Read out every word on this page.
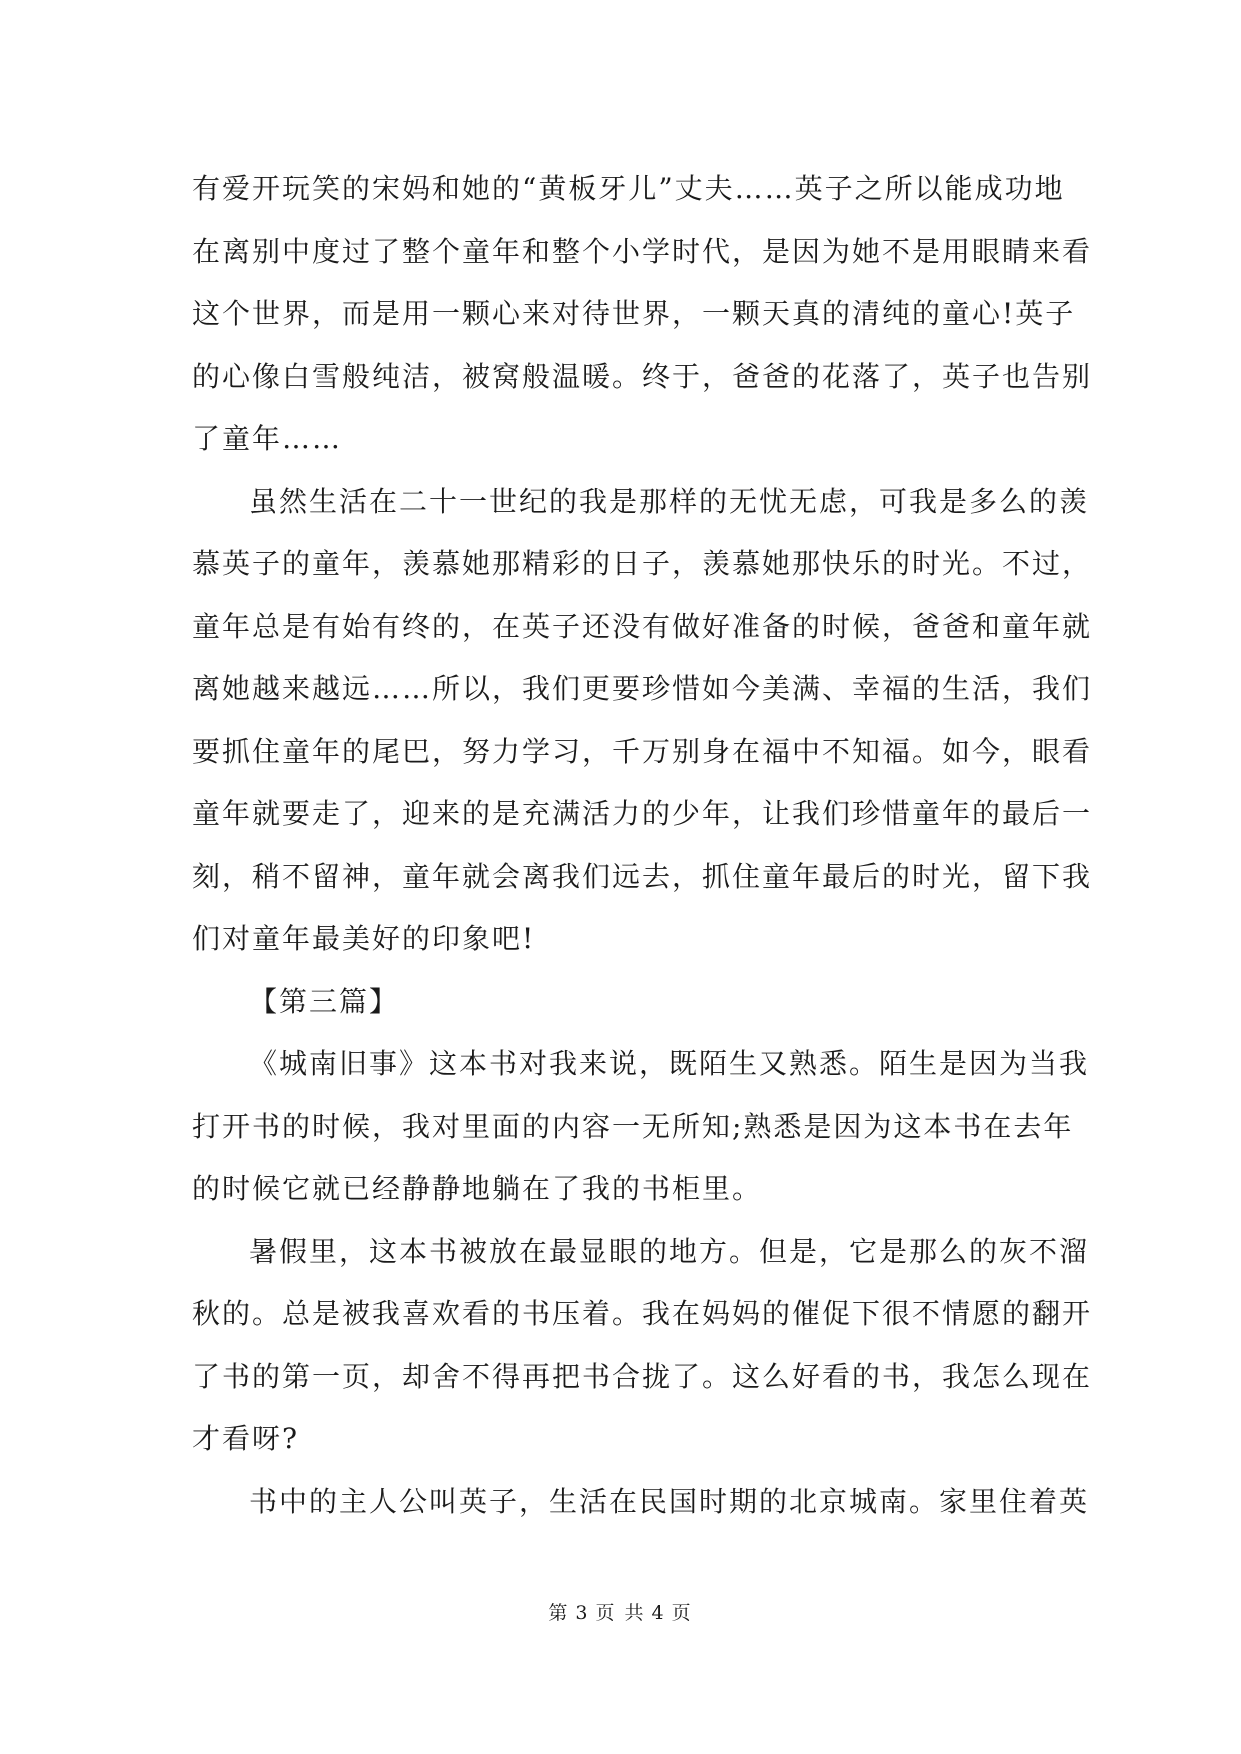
有爱开玩笑的宋妈和她的“黄板牙儿”丈夫……英子之所以能成功地
在离别中度过了整个童年和整个小学时代，是因为她不是用眼睛来看
这个世界，而是用一颗心来对待世界，一颗天真的清纯的童心!英子
的心像白雪般纯洁，被窝般温暖。终于，爸爸的花落了，英子也告别
了童年……
虽然生活在二十一世纪的我是那样的无忧无虑，可我是多么的羡
慕英子的童年，羡慕她那精彩的日子，羡慕她那快乐的时光。不过，
童年总是有始有终的，在英子还没有做好准备的时候，爸爸和童年就
离她越来越远……所以，我们更要珍惜如今美满、幸福的生活，我们
要抓住童年的尾巴，努力学习，千万别身在福中不知福。如今，眼看
童年就要走了，迎来的是充满活力的少年，让我们珍惜童年的最后一
刻，稍不留神，童年就会离我们远去，抓住童年最后的时光，留下我
们对童年最美好的印象吧!
【第三篇】
《城南旧事》这本书对我来说，既陌生又熟悉。陌生是因为当我
打开书的时候，我对里面的内容一无所知;熟悉是因为这本书在去年
的时候它就已经静静地躺在了我的书柜里。
暑假里，这本书被放在最显眼的地方。但是，它是那么的灰不溜
秋的。总是被我喜欢看的书压着。我在妈妈的催促下很不情愿的翻开
了书的第一页，却舍不得再把书合拢了。这么好看的书，我怎么现在
才看呀?
书中的主人公叫英子，生活在民国时期的北京城南。家里住着英
第 3 页 共 4 页
